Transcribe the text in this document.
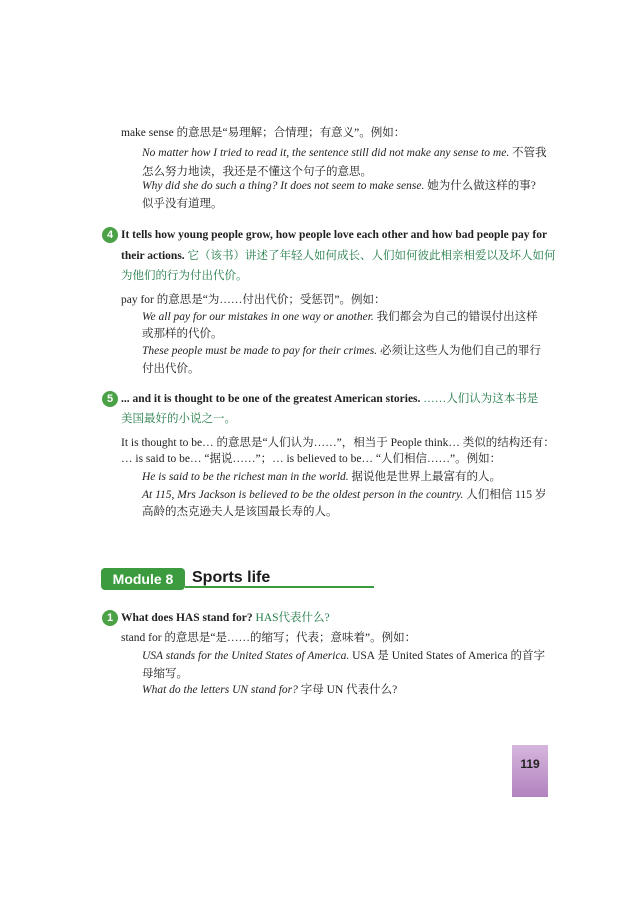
make sense 的意思是“易理解；合情理；有意义”。例如：
No matter how I tried to read it, the sentence still did not make any sense to me. 不管我
怎么努力地读，我还是不懂这个句子的意思。
Why did she do such a thing? It does not seem to make sense. 她为什么做这样的事?
似乎没有道理。
4 It tells how young people grow, how people love each other and how bad people pay for
their actions. 它（该书）讲述了年轻人如何成长、人们如何彼此相亲相爱以及坏人如何
为他们的行为付出代价。
pay for 的意思是“为……付出代价；受惩罚”。例如：
We all pay for our mistakes in one way or another. 我们都会为自己的错误付出这样
或那样的代价。
These people must be made to pay for their crimes. 必须让这些人为他们自己的罪行
付出代价。
5 ... and it is thought to be one of the greatest American stories. ……人们认为这本书是
美国最好的小说之一。
It is thought to be… 的意思是“人们认为……”，相当于 People think… 类似的结构还有：
… is said to be… “据说……”；… is believed to be… “人们相信……”。例如：
He is said to be the richest man in the world. 据说他是世界上最富有的人。
At 115, Mrs Jackson is believed to be the oldest person in the country. 人们相信 115 岁
高龄的杰克逊夫人是该国最长寿的人。
Module 8	Sports life
1 What does HAS stand for? HAS代表什么?
stand for 的意思是“是……的缩写；代表；意味着”。例如：
USA stands for the United States of America. USA 是 United States of America 的首字
母缩写。
What do the letters UN stand for? 字母 UN 代表什么?
119
